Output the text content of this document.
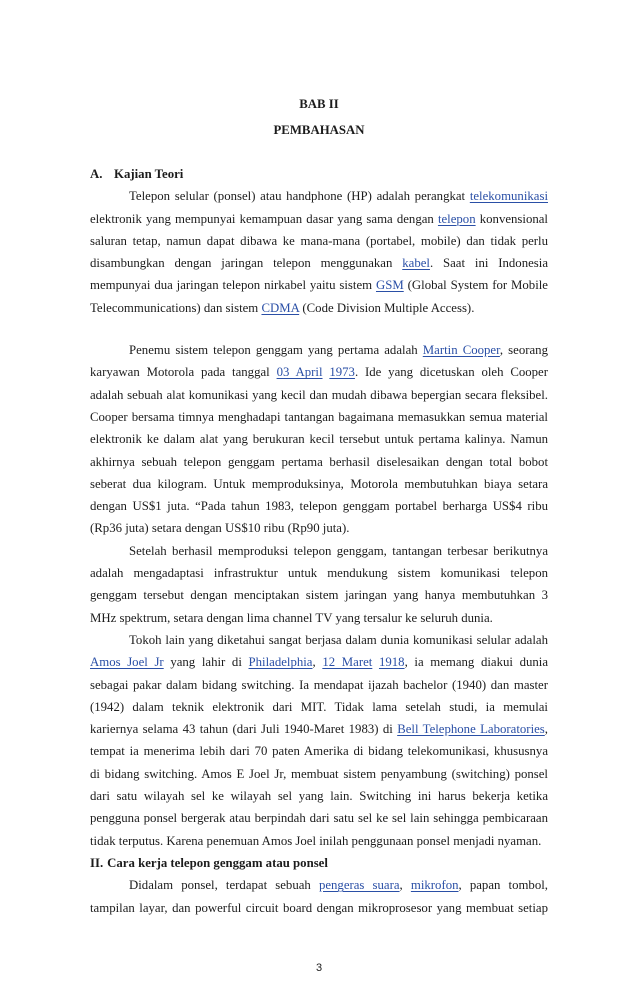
BAB II
PEMBAHASAN
A. Kajian Teori
Telepon selular (ponsel) atau handphone (HP) adalah perangkat telekomunikasi
elektronik yang mempunyai kemampuan dasar yang sama dengan telepon konvensional
saluran tetap, namun dapat dibawa ke mana-mana (portabel, mobile) dan tidak perlu
disambungkan dengan jaringan telepon menggunakan kabel. Saat ini Indonesia
mempunyai dua jaringan telepon nirkabel yaitu sistem GSM (Global System for Mobile
Telecommunications) dan sistem CDMA (Code Division Multiple Access).
Penemu sistem telepon genggam yang pertama adalah Martin Cooper, seorang
karyawan Motorola pada tanggal 03 April 1973. Ide yang dicetuskan oleh Cooper
adalah sebuah alat komunikasi yang kecil dan mudah dibawa bepergian secara fleksibel.
Cooper bersama timnya menghadapi tantangan bagaimana memasukkan semua material
elektronik ke dalam alat yang berukuran kecil tersebut untuk pertama kalinya. Namun
akhirnya sebuah telepon genggam pertama berhasil diselesaikan dengan total bobot
seberat dua kilogram. Untuk memproduksinya, Motorola membutuhkan biaya setara
dengan US$1 juta. “Pada tahun 1983, telepon genggam portabel berharga US$4 ribu
(Rp36 juta) setara dengan US$10 ribu (Rp90 juta).
Setelah berhasil memproduksi telepon genggam, tantangan terbesar berikutnya
adalah mengadaptasi infrastruktur untuk mendukung sistem komunikasi telepon
genggam tersebut dengan menciptakan sistem jaringan yang hanya membutuhkan 3
MHz spektrum, setara dengan lima channel TV yang tersalur ke seluruh dunia.
Tokoh lain yang diketahui sangat berjasa dalam dunia komunikasi selular adalah
Amos Joel Jr yang lahir di Philadelphia, 12 Maret 1918, ia memang diakui dunia
sebagai pakar dalam bidang switching. Ia mendapat ijazah bachelor (1940) dan master
(1942) dalam teknik elektronik dari MIT. Tidak lama setelah studi, ia memulai
kariernya selama 43 tahun (dari Juli 1940-Maret 1983) di Bell Telephone Laboratories,
tempat ia menerima lebih dari 70 paten Amerika di bidang telekomunikasi, khususnya
di bidang switching. Amos E Joel Jr, membuat sistem penyambung (switching) ponsel
dari satu wilayah sel ke wilayah sel yang lain. Switching ini harus bekerja ketika
pengguna ponsel bergerak atau berpindah dari satu sel ke sel lain sehingga pembicaraan
tidak terputus. Karena penemuan Amos Joel inilah penggunaan ponsel menjadi nyaman.
II. Cara kerja telepon genggam atau ponsel
Didalam ponsel, terdapat sebuah pengeras suara, mikrofon, papan tombol,
tampilan layar, dan powerful circuit board dengan mikroprosesor yang membuat setiap
3
